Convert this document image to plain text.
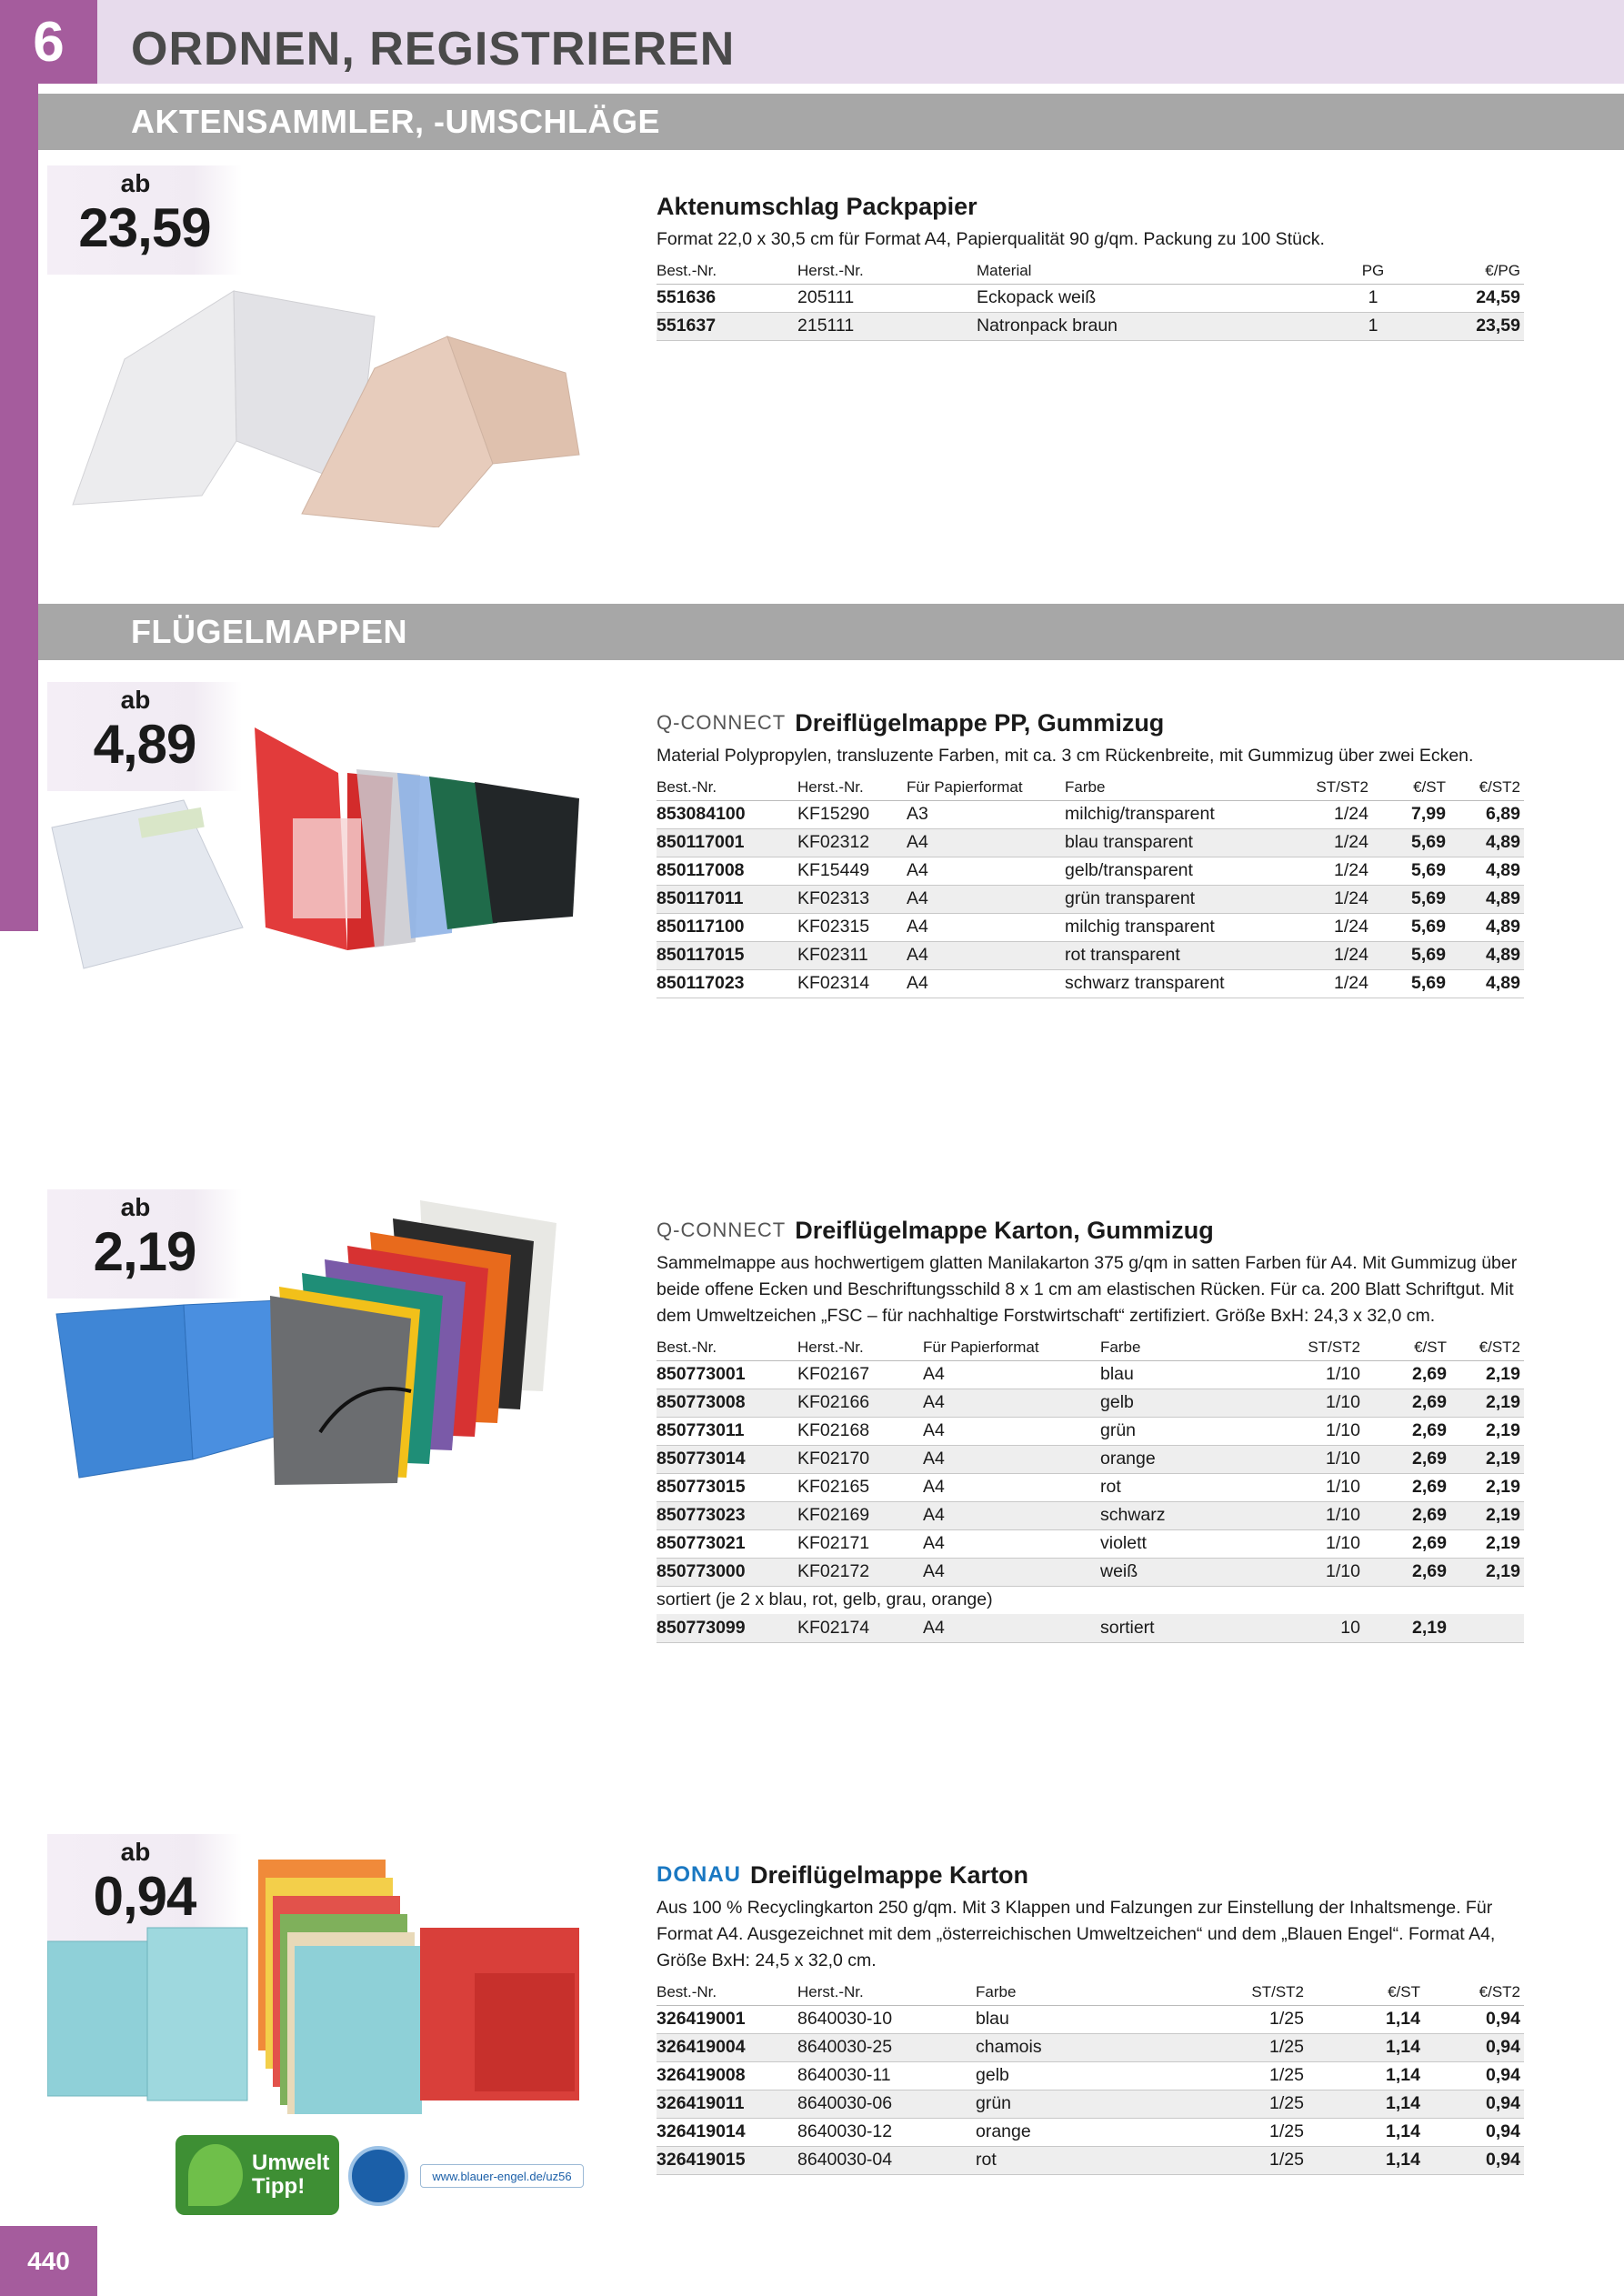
6	ORDNEN, REGISTRIEREN
AKTENSAMMLER, -UMSCHLÄGE
ab
23,59	Aktenumschlag Packpapier
Format 22,0 x 30,5 cm für Format A4, Papierqualität 90 g/qm. Packung zu 100 Stück.
Best.-Nr.	Herst.-Nr.	Material	PG	€/PG
551636	205111	Eckopack weiß	1	24,59
551637	215111	Natronpack braun	1	23,59
FLÜGELMAPPEN
ab
4,89	Q-CONNECT Dreiflügelmappe PP, Gummizug
Material Polypropylen, transluzente Farben, mit ca. 3 cm Rückenbreite, mit Gummizug über zwei Ecken.
Best.-Nr.	Herst.-Nr.	Für Papierformat	Farbe	ST/ST2	€/ST	€/ST2
853084100	KF15290	A3	milchig/transparent	1/24	7,99	6,89
850117001	KF02312	A4	blau transparent	1/24	5,69	4,89
850117008	KF15449	A4	gelb/transparent	1/24	5,69	4,89
850117011	KF02313	A4	grün transparent	1/24	5,69	4,89
850117100	KF02315	A4	milchig transparent	1/24	5,69	4,89
850117015	KF02311	A4	rot transparent	1/24	5,69	4,89
850117023	KF02314	A4	schwarz transparent	1/24	5,69	4,89
ab
2,19	Q-CONNECT Dreiflügelmappe Karton, Gummizug
Sammelmappe aus hochwertigem glatten Manilakarton 375 g/qm in satten Farben für A4. Mit Gummizug über beide offene Ecken und Beschriftungsschild 8 x 1 cm am elastischen Rücken. Für ca. 200 Blatt Schriftgut. Mit dem Umweltzeichen „FSC – für nachhaltige Forstwirtschaft“ zertifiziert. Größe BxH: 24,3 x 32,0 cm.
Best.-Nr.	Herst.-Nr.	Für Papierformat	Farbe	ST/ST2	€/ST	€/ST2
850773001	KF02167	A4	blau	1/10	2,69	2,19
850773008	KF02166	A4	gelb	1/10	2,69	2,19
850773011	KF02168	A4	grün	1/10	2,69	2,19
850773014	KF02170	A4	orange	1/10	2,69	2,19
850773015	KF02165	A4	rot	1/10	2,69	2,19
850773023	KF02169	A4	schwarz	1/10	2,69	2,19
850773021	KF02171	A4	violett	1/10	2,69	2,19
850773000	KF02172	A4	weiß	1/10	2,69	2,19
sortiert (je 2 x blau, rot, gelb, grau, orange)						
850773099	KF02174	A4	sortiert	10	2,19	
ab
0,94	DONAU Dreiflügelmappe Karton
Aus 100 % Recyclingkarton 250 g/qm. Mit 3 Klappen und Falzungen zur Einstellung der Inhaltsmenge. Für Format A4. Ausgezeichnet mit dem „österreichischen Umweltzeichen“ und dem „Blauen Engel“. Format A4, Größe BxH: 24,5 x 32,0 cm.
Best.-Nr.	Herst.-Nr.	Farbe	ST/ST2	€/ST	€/ST2
326419001	8640030-10	blau	1/25	1,14	0,94
326419004	8640030-25	chamois	1/25	1,14	0,94
326419008	8640030-11	gelb	1/25	1,14	0,94
326419011	8640030-06	grün	1/25	1,14	0,94
326419014	8640030-12	orange	1/25	1,14	0,94
326419015	8640030-04	rot	1/25	1,14	0,94
Umwelt Tipp!	www.blauer-engel.de/uz56
440
